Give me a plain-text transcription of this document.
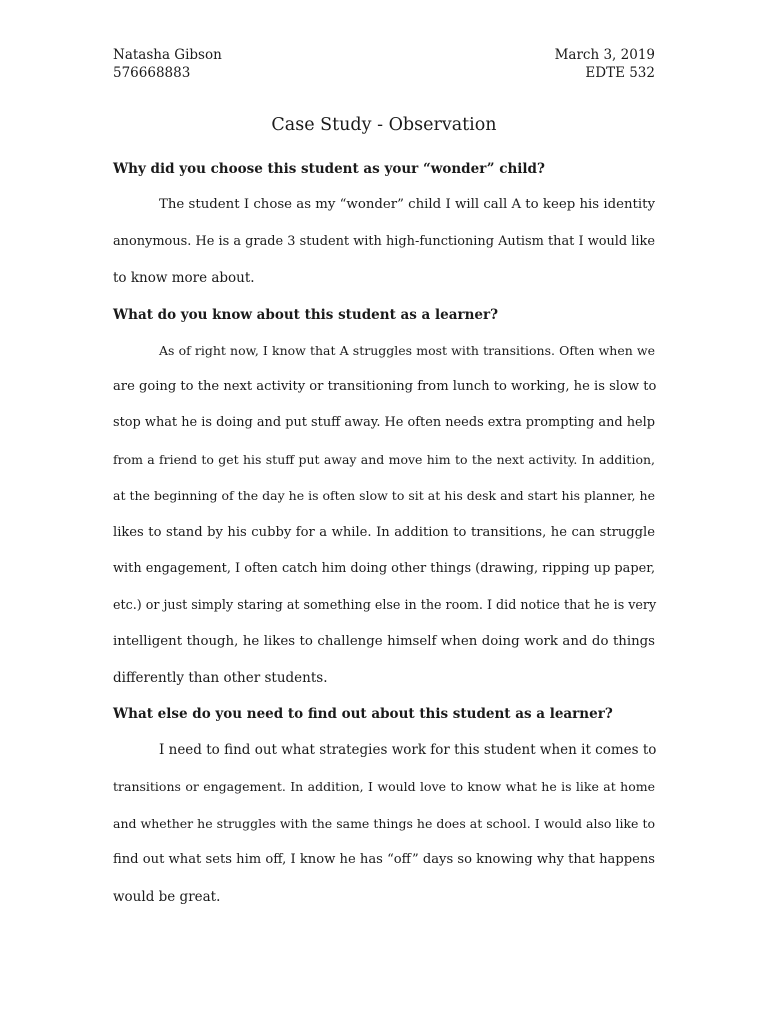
Natasha Gibson	March 3, 2019
576668883	EDTE 532
Case Study - Observation
Why did you choose this student as your “wonder” child?
The student I chose as my “wonder” child I will call A to keep his identity
anonymous. He is a grade 3 student with high-functioning Autism that I would like
to know more about.
What do you know about this student as a learner?
As of right now, I know that A struggles most with transitions. Often when we
are going to the next activity or transitioning from lunch to working, he is slow to
stop what he is doing and put stuff away. He often needs extra prompting and help
from a friend to get his stuff put away and move him to the next activity. In addition,
at the beginning of the day he is often slow to sit at his desk and start his planner, he
likes to stand by his cubby for a while. In addition to transitions, he can struggle
with engagement, I often catch him doing other things (drawing, ripping up paper,
etc.) or just simply staring at something else in the room. I did notice that he is very
intelligent though, he likes to challenge himself when doing work and do things
differently than other students.
What else do you need to find out about this student as a learner?
I need to find out what strategies work for this student when it comes to
transitions or engagement. In addition, I would love to know what he is like at home
and whether he struggles with the same things he does at school. I would also like to
find out what sets him off, I know he has “off” days so knowing why that happens
would be great.
